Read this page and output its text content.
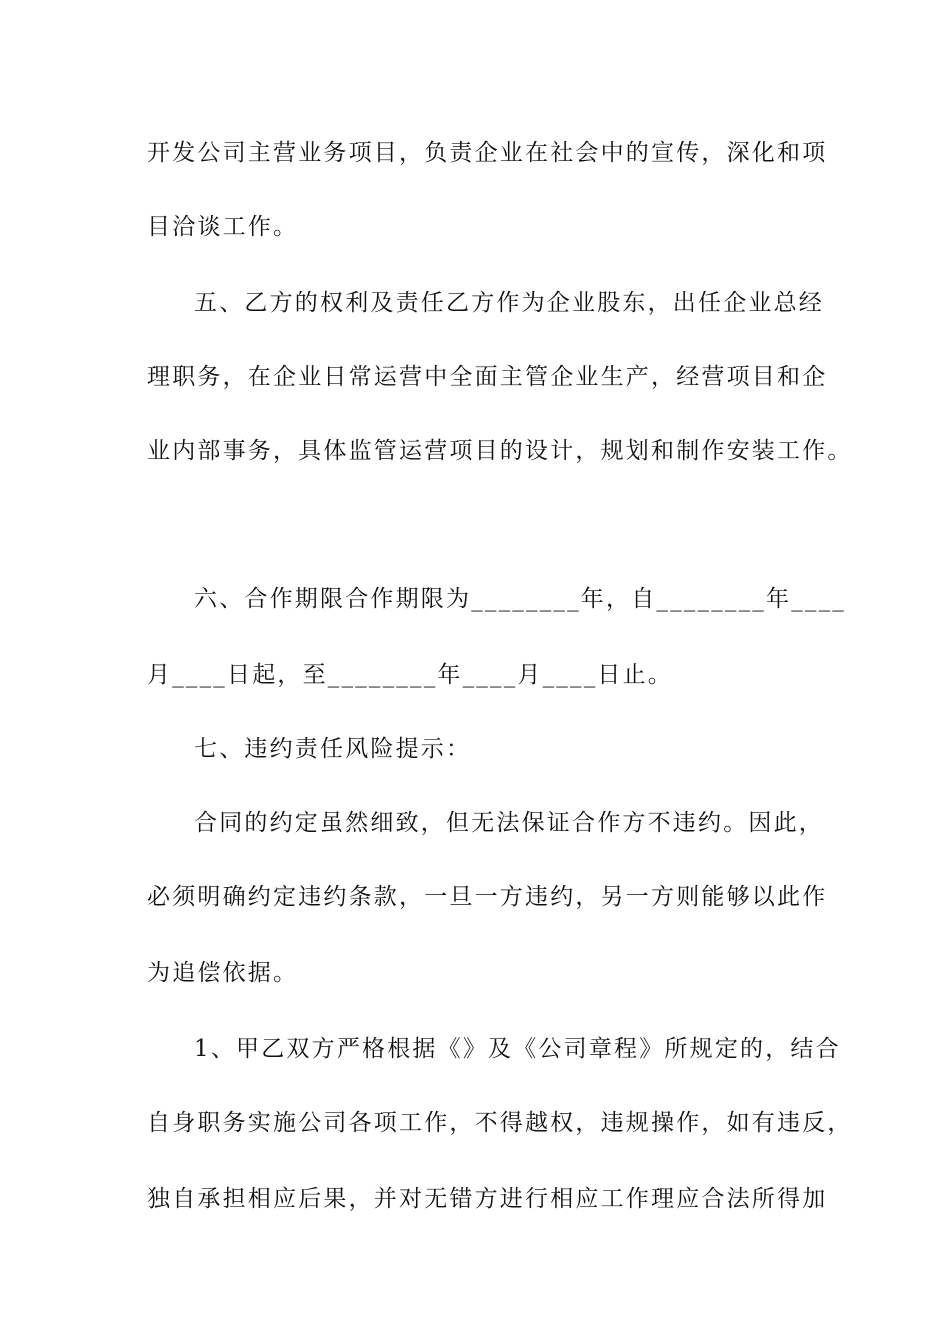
开发公司主营业务项目，负责企业在社会中的宣传，深化和项
目洽谈工作。
五、乙方的权利及责任乙方作为企业股东，出任企业总经
理职务，在企业日常运营中全面主管企业生产，经营项目和企
业内部事务，具体监管运营项目的设计，规划和制作安装工作。
六、合作期限合作期限为________年，自________年____
月____日起，至________年____月____日止。
七、违约责任风险提示：
合同的约定虽然细致，但无法保证合作方不违约。因此，
必须明确约定违约条款，一旦一方违约，另一方则能够以此作
为追偿依据。
1、甲乙双方严格根据《》及《公司章程》所规定的，结合
自身职务实施公司各项工作，不得越权，违规操作，如有违反，
独自承担相应后果，并对无错方进行相应工作理应合法所得加
